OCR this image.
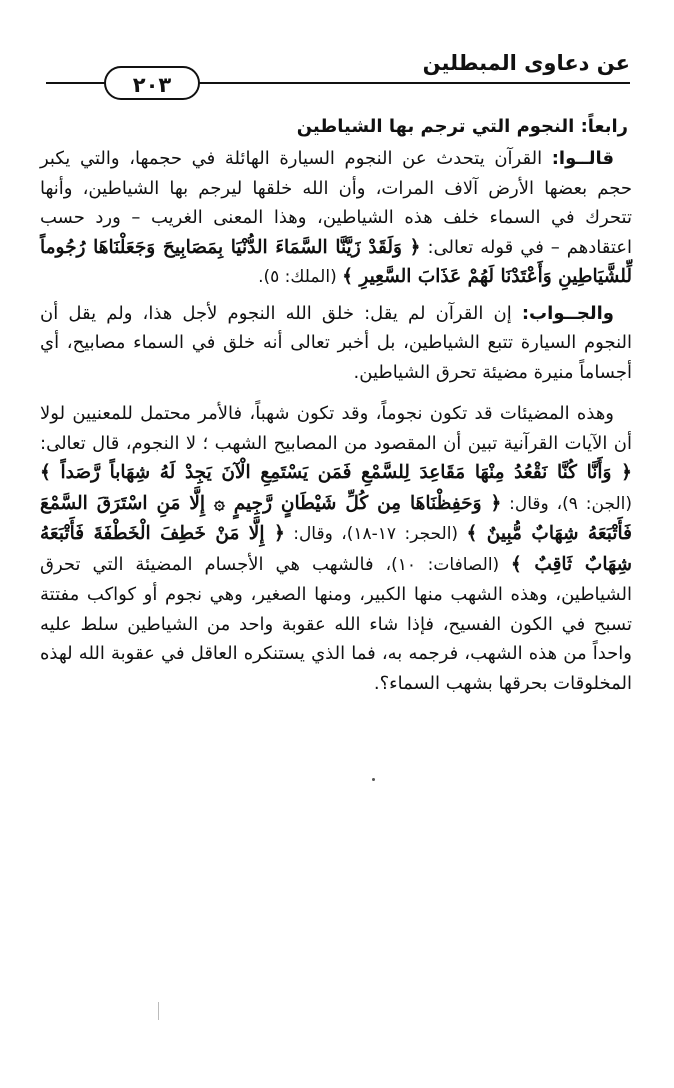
عن دعاوى المبطلين
٢٠٣
رابعاً: النجوم التي ترجم بها الشياطين

قالــوا: القرآن يتحدث عن النجوم السيارة الهائلة في حجمها، والتي يكبر حجم بعضها الأرض آلاف المرات، وأن الله خلقها ليرجم بها الشياطين، وأنها تتحرك في السماء خلف هذه الشياطين، وهذا المعنى الغريب – ورد حسب اعتقادهم – في قوله تعالى: ﴿ وَلَقَدْ زَيَّنَّا السَّمَاءَ الدُّنْيَا بِمَصَابِيحَ وَجَعَلْنَاهَا رُجُوماً لِّلشَّيَاطِينِ وَأَعْتَدْنَا لَهُمْ عَذَابَ السَّعِيرِ ﴾ (الملك: ٥).

والجــواب: إن القرآن لم يقل: خلق الله النجوم لأجل هذا، ولم يقل أن النجوم السيارة تتبع الشياطين، بل أخبر تعالى أنه خلق في السماء مصابيح، أي أجساماً منيرة مضيئة تحرق الشياطين.

وهذه المضيئات قد تكون نجوماً، وقد تكون شهباً، فالأمر محتمل للمعنيين لولا أن الآيات القرآنية تبين أن المقصود من المصابيح الشهب ؛ لا النجوم، قال تعالى: ﴿ وَأَنَّا كُنَّا نَقْعُدُ مِنْهَا مَقَاعِدَ لِلسَّمْعِ فَمَن يَسْتَمِعِ الْآنَ يَجِدْ لَهُ شِهَاباً رَّصَداً ﴾ (الجن: ٩)، وقال: ﴿ وَحَفِظْنَاهَا مِن كُلِّ شَيْطَانٍ رَّجِيمٍ ۞ إِلَّا مَنِ اسْتَرَقَ السَّمْعَ فَأَتْبَعَهُ شِهَابٌ مُّبِينٌ ﴾ (الحجر: ١٧-١٨)، وقال: ﴿ إِلَّا مَنْ خَطِفَ الْخَطْفَةَ فَأَتْبَعَهُ شِهَابٌ ثَاقِبٌ ﴾ (الصافات: ١٠)، فالشهب هي الأجسام المضيئة التي تحرق الشياطين، وهذه الشهب منها الكبير، ومنها الصغير، وهي نجوم أو كواكب مفتتة تسبح في الكون الفسيح، فإذا شاء الله عقوبة واحد من الشياطين سلط عليه واحداً من هذه الشهب، فرجمه به، فما الذي يستنكره العاقل في عقوبة الله لهذه المخلوقات بحرقها بشهب السماء؟.
